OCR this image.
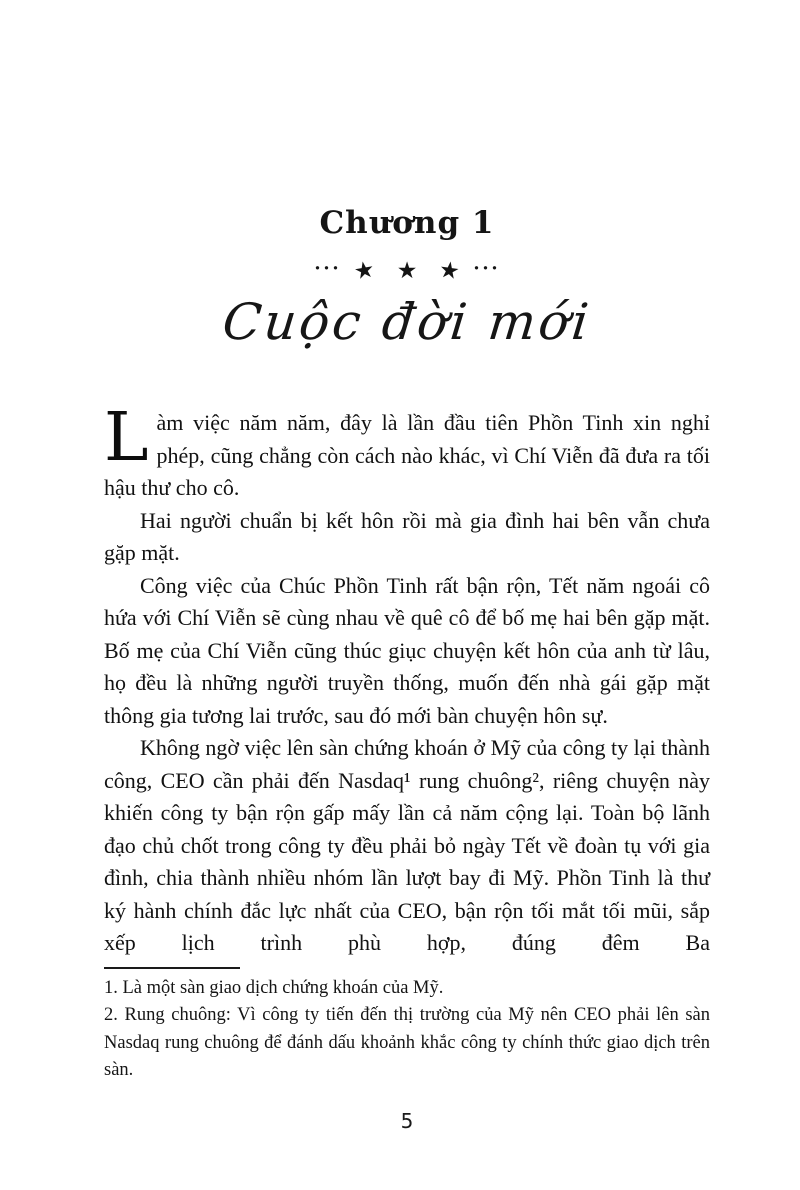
Chương 1
··· ★ ★ ★ ···
Cuộc đời mới

Làm việc năm năm, đây là lần đầu tiên Phồn Tinh xin nghỉ phép, cũng chẳng còn cách nào khác, vì Chí Viễn đã đưa ra tối hậu thư cho cô.

Hai người chuẩn bị kết hôn rồi mà gia đình hai bên vẫn chưa gặp mặt.

Công việc của Chúc Phồn Tinh rất bận rộn, Tết năm ngoái cô hứa với Chí Viễn sẽ cùng nhau về quê cô để bố mẹ hai bên gặp mặt. Bố mẹ của Chí Viễn cũng thúc giục chuyện kết hôn của anh từ lâu, họ đều là những người truyền thống, muốn đến nhà gái gặp mặt thông gia tương lai trước, sau đó mới bàn chuyện hôn sự.

Không ngờ việc lên sàn chứng khoán ở Mỹ của công ty lại thành công, CEO cần phải đến Nasdaq¹ rung chuông², riêng chuyện này khiến công ty bận rộn gấp mấy lần cả năm cộng lại. Toàn bộ lãnh đạo chủ chốt trong công ty đều phải bỏ ngày Tết về đoàn tụ với gia đình, chia thành nhiều nhóm lần lượt bay đi Mỹ. Phồn Tinh là thư ký hành chính đắc lực nhất của CEO, bận rộn tối mắt tối mũi, sắp xếp lịch trình phù hợp, đúng đêm Ba

1. Là một sàn giao dịch chứng khoán của Mỹ.

2. Rung chuông: Vì công ty tiến đến thị trường của Mỹ nên CEO phải lên sàn Nasdaq rung chuông để đánh dấu khoảnh khắc công ty chính thức giao dịch trên sàn.

5
